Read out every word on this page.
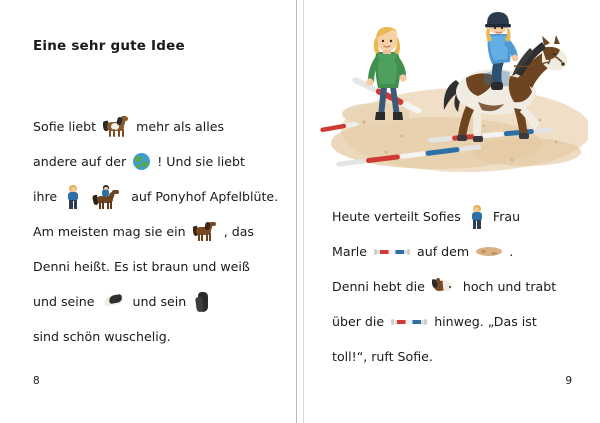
Eine sehr gute Idee
Sofie liebt	mehr als alles
andere auf der ! Und sie liebt
ihre
	auf Ponyhof Apfelblüte.
Am meisten mag sie ein	, das
Denni heißt. Es ist braun und weiß
und seine	und sein
sind schön wuschelig.
8
Heute verteilt Sofies	Frau
Marle	auf dem	.
Denni hebt die	hoch und trabt
über die	hinweg. „Das ist
toll!“, ruft Sofie.
9
